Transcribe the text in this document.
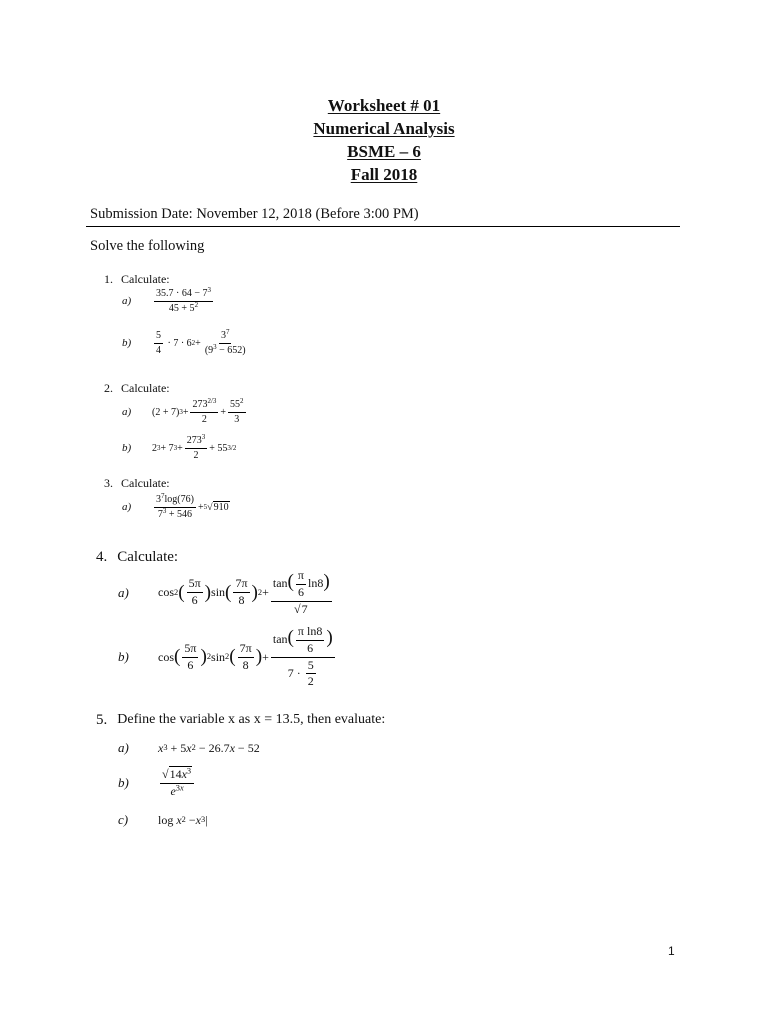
Worksheet # 01
Numerical Analysis
BSME – 6
Fall 2018
Submission Date: November 12, 2018 (Before 3:00 PM)
Solve the following
1. Calculate:
a)	$\frac{35.7 \cdot 64 - 7^3}{45 + 5^2}$
b)	$\frac{5}{4} \cdot 7 \cdot 6$ $2 + \frac{3^7}{(9^3 - 652)}$
2. Calculate:
a)	(2 + 7) $3 + \frac{273^{2/3}}{2} + \frac{55^2}{3}$
b)	2 3 + 7 $3 + \frac{273^3}{2} + 55$ 3/2
3. Calculate:
a)	$\frac{3^7\log(76)}{7^3 + 546} + 5$ √ 910
4. Calculate:
a)	cos 2 ( $\frac{5\pi}{6}$ ) sin ( $\frac{7\pi}{8}$ ) $2 + \frac{\tan( \frac{\pi}{6} \ln 8)}{√7}$
b)	cos ( $\frac{5\pi}{6}$ ) 2 sin 2 ( $\frac{7\pi}{8}$ ) + $\frac{\tan( \frac{\text{π ln8}}{6} )}{7 \cdot \frac{5}{2}}$
5. Define the variable x as x = 13.5, then evaluate:
a)	x 3 + 5 x 2 − 26.7 x − 52
b)	$\frac{√14x^3}{e^{3x}}$
c)	log x 2 − x 3 |
1
